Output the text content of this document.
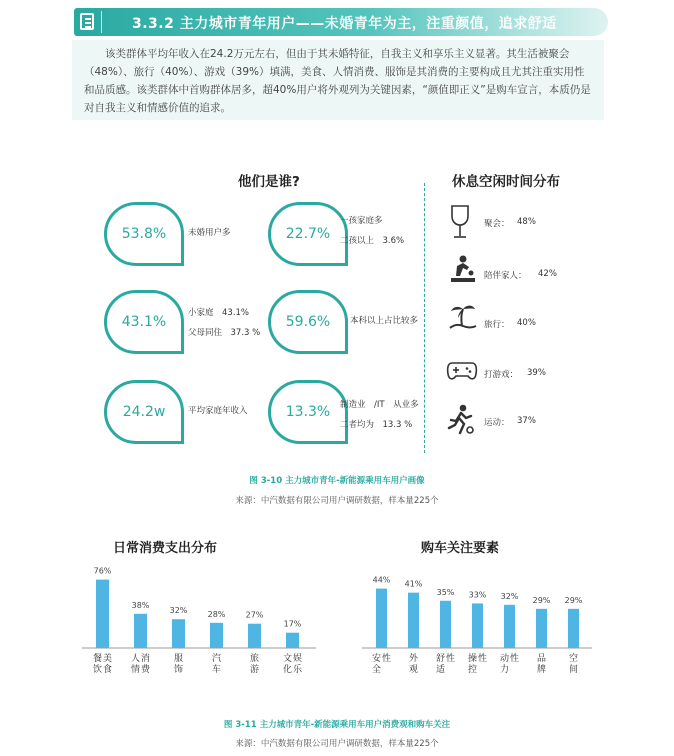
3.3.2 主力城市青年用户——未婚青年为主，注重颜值，追求舒适
该类群体平均年收入在24.2万元左右，但由于其未婚特征，自我主义和享乐主义显著。其生活被聚会（48%）、旅行（40%）、游戏（39%）填满，美食、人情消费、服饰是其消费的主要构成且尤其注重实用性和品质感。该类群体中首购群体居多，超40%用户将外观列为关键因素，“颜值即正义”是购车宣言，本质仍是对自我主义和情感价值的追求。
他们是谁?
53.8%	未婚用户多	22.7%
一孩家庭多
二孩以上　3.6%
43.1%
小家庭　43.1%
父母同住　37.3 %
59.6% 本科以上占比较多
24.2w	平均家庭年收入	13.3% 制造业　/IT　从业多
二者均为　13.3 %
休息空闲时间分布
聚会： 48%
陪伴家人： 42%
旅行： 40%
打游戏： 39%
运动： 37%
图 3-10 主力城市青年-新能源乘用车用户画像
来源：中汽数据有限公司用户调研数据，样本量225个
日常消费支出分布
76%
餐
饮
美
食
38%
人
情
消
费
32%
服
饰
28%
汽
车
27%
旅
游
17%
文
化
娱
乐
购车关注要素
44%
安
全
性
41%
外
观
35%
舒
适
性
33%
操
控
性
32%
动
力
性
29%
品
牌
29%
空
间
图 3-11 主力城市青年-新能源乘用车用户消费观和购车关注
来源：中汽数据有限公司用户调研数据，样本量225个
